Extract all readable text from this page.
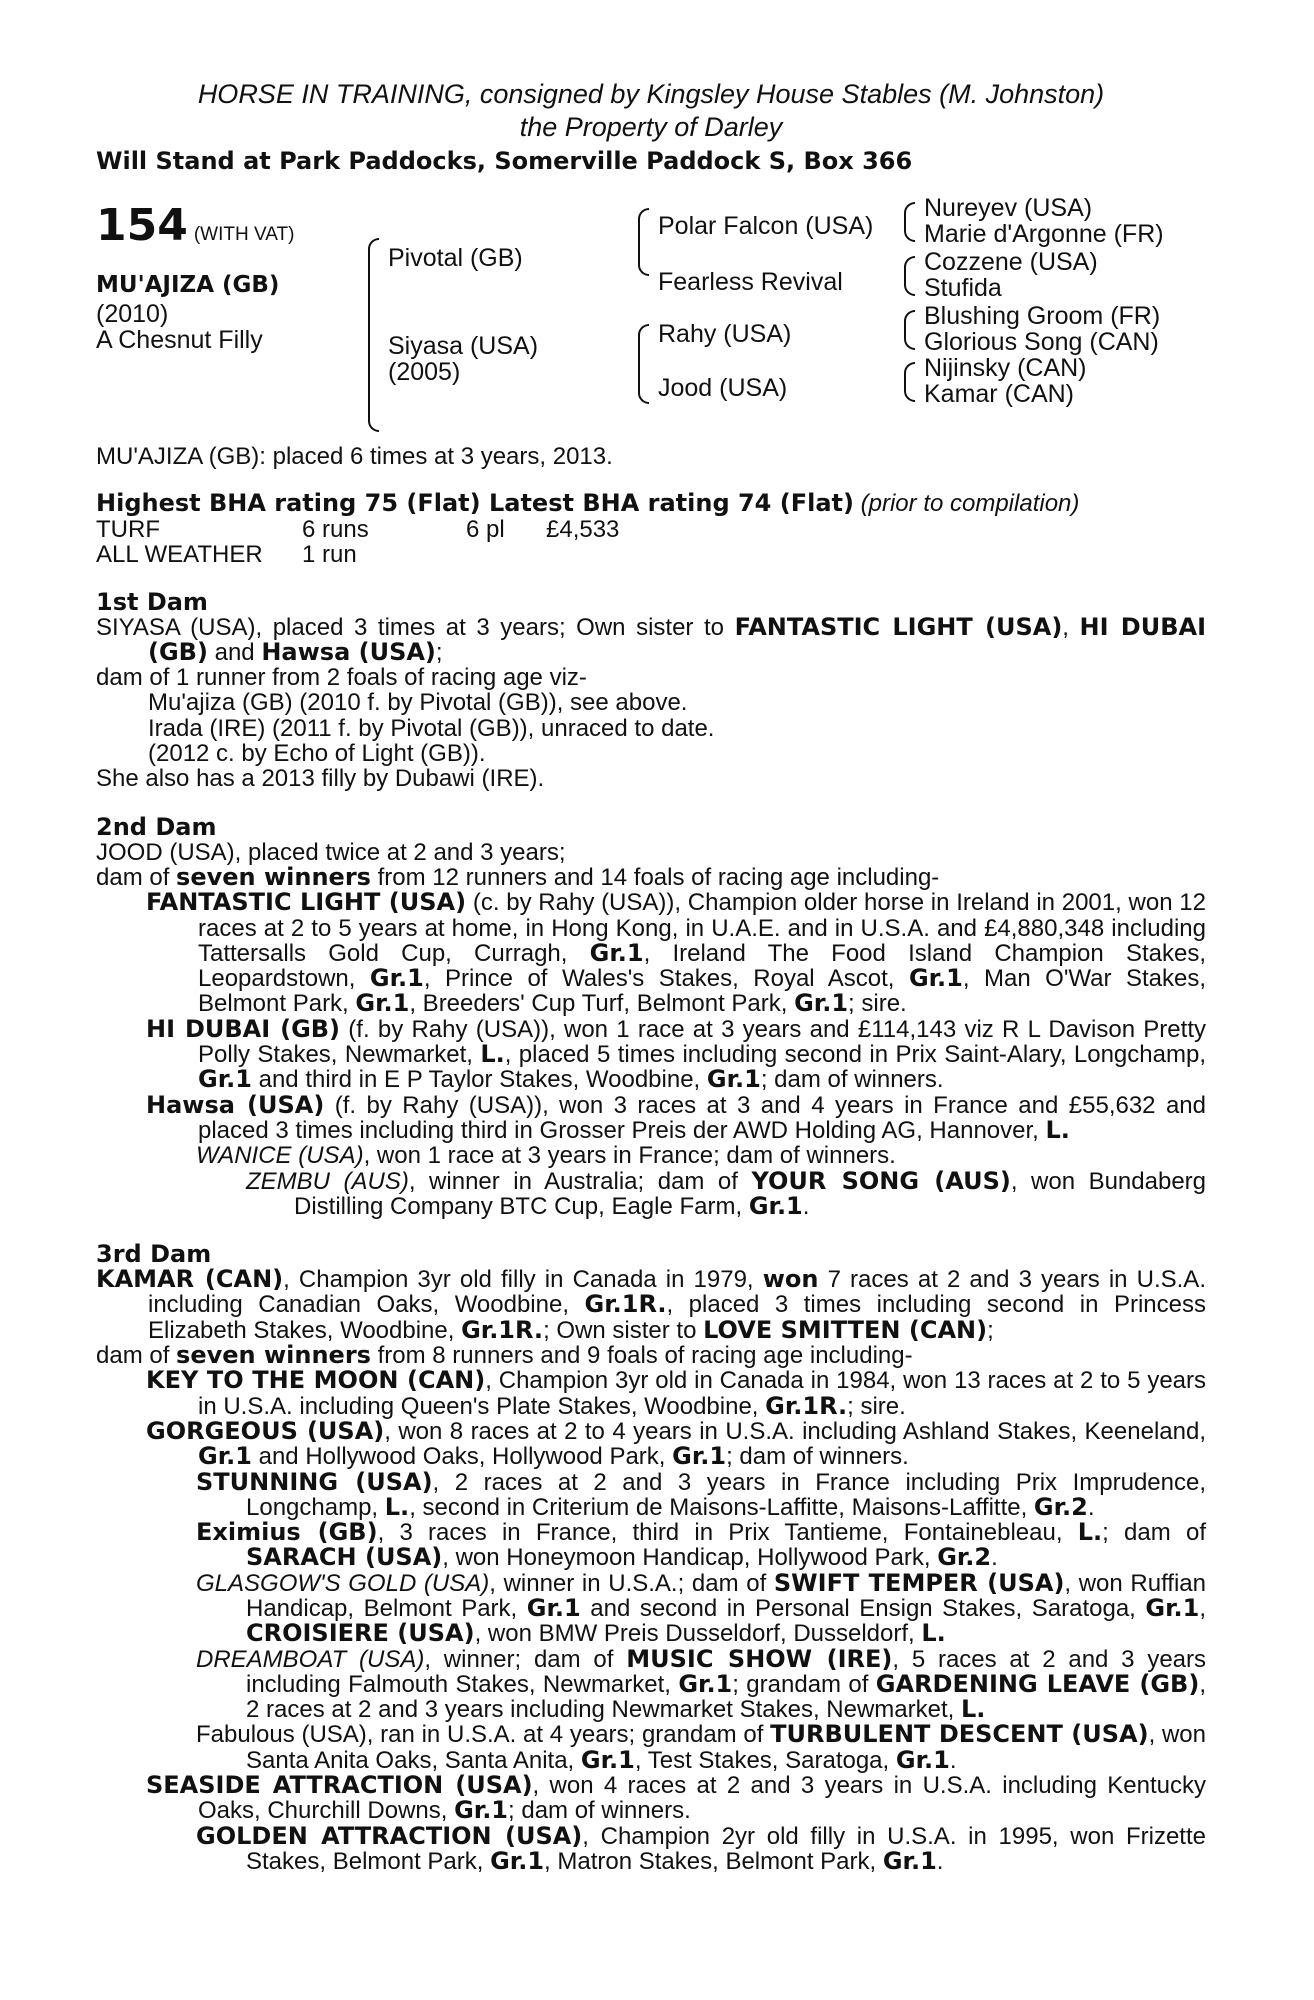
HORSE IN TRAINING, consigned by Kingsley House Stables (M. Johnston)
the Property of Darley
Will Stand at Park Paddocks, Somerville Paddock S, Box 366
154 (WITH VAT)
MU'AJIZA (GB)
(2010)
A Chesnut Filly
Pivotal (GB)
Siyasa (USA)
(2005)
Polar Falcon (USA)
Fearless Revival
Rahy (USA)
Jood (USA)
Nureyev (USA)
Marie d'Argonne (FR)
Cozzene (USA)
Stufida
Blushing Groom (FR)
Glorious Song (CAN)
Nijinsky (CAN)
Kamar (CAN)
MU'AJIZA (GB): placed 6 times at 3 years, 2013.
Highest BHA rating 75 (Flat) Latest BHA rating 74 (Flat) (prior to compilation)
TURF	6 runs	6 pl £4,533
ALL WEATHER 1 run
1st Dam
SIYASA (USA), placed 3 times at 3 years; Own sister to FANTASTIC LIGHT (USA), HI DUBAI (GB) and Hawsa (USA);
dam of 1 runner from 2 foals of racing age viz-
Mu'ajiza (GB) (2010 f. by Pivotal (GB)), see above.
Irada (IRE) (2011 f. by Pivotal (GB)), unraced to date.
(2012 c. by Echo of Light (GB)).
She also has a 2013 filly by Dubawi (IRE).
2nd Dam
JOOD (USA), placed twice at 2 and 3 years;
dam of seven winners from 12 runners and 14 foals of racing age including-
FANTASTIC LIGHT (USA) (c. by Rahy (USA)), Champion older horse in Ireland in 2001, won 12 races at 2 to 5 years at home, in Hong Kong, in U.A.E. and in U.S.A. and £4,880,348 including Tattersalls Gold Cup, Curragh, Gr.1, Ireland The Food Island Champion Stakes, Leopardstown, Gr.1, Prince of Wales's Stakes, Royal Ascot, Gr.1, Man O'War Stakes, Belmont Park, Gr.1, Breeders' Cup Turf, Belmont Park, Gr.1; sire.
HI DUBAI (GB) (f. by Rahy (USA)), won 1 race at 3 years and £114,143 viz R L Davison Pretty Polly Stakes, Newmarket, L., placed 5 times including second in Prix Saint-Alary, Longchamp, Gr.1 and third in E P Taylor Stakes, Woodbine, Gr.1; dam of winners.
Hawsa (USA) (f. by Rahy (USA)), won 3 races at 3 and 4 years in France and £55,632 and placed 3 times including third in Grosser Preis der AWD Holding AG, Hannover, L.
WANICE (USA), won 1 race at 3 years in France; dam of winners.
ZEMBU (AUS), winner in Australia; dam of YOUR SONG (AUS), won Bundaberg Distilling Company BTC Cup, Eagle Farm, Gr.1.
3rd Dam
KAMAR (CAN), Champion 3yr old filly in Canada in 1979, won 7 races at 2 and 3 years in U.S.A. including Canadian Oaks, Woodbine, Gr.1R., placed 3 times including second in Princess Elizabeth Stakes, Woodbine, Gr.1R.; Own sister to LOVE SMITTEN (CAN);
dam of seven winners from 8 runners and 9 foals of racing age including-
KEY TO THE MOON (CAN), Champion 3yr old in Canada in 1984, won 13 races at 2 to 5 years in U.S.A. including Queen's Plate Stakes, Woodbine, Gr.1R.; sire.
GORGEOUS (USA), won 8 races at 2 to 4 years in U.S.A. including Ashland Stakes, Keeneland, Gr.1 and Hollywood Oaks, Hollywood Park, Gr.1; dam of winners.
STUNNING (USA), 2 races at 2 and 3 years in France including Prix Imprudence, Longchamp, L., second in Criterium de Maisons-Laffitte, Maisons-Laffitte, Gr.2.
Eximius (GB), 3 races in France, third in Prix Tantieme, Fontainebleau, L.; dam of SARACH (USA), won Honeymoon Handicap, Hollywood Park, Gr.2.
GLASGOW'S GOLD (USA), winner in U.S.A.; dam of SWIFT TEMPER (USA), won Ruffian Handicap, Belmont Park, Gr.1 and second in Personal Ensign Stakes, Saratoga, Gr.1, CROISIERE (USA), won BMW Preis Dusseldorf, Dusseldorf, L.
DREAMBOAT (USA), winner; dam of MUSIC SHOW (IRE), 5 races at 2 and 3 years including Falmouth Stakes, Newmarket, Gr.1; grandam of GARDENING LEAVE (GB), 2 races at 2 and 3 years including Newmarket Stakes, Newmarket, L.
Fabulous (USA), ran in U.S.A. at 4 years; grandam of TURBULENT DESCENT (USA), won Santa Anita Oaks, Santa Anita, Gr.1, Test Stakes, Saratoga, Gr.1.
SEASIDE ATTRACTION (USA), won 4 races at 2 and 3 years in U.S.A. including Kentucky Oaks, Churchill Downs, Gr.1; dam of winners.
GOLDEN ATTRACTION (USA), Champion 2yr old filly in U.S.A. in 1995, won Frizette Stakes, Belmont Park, Gr.1, Matron Stakes, Belmont Park, Gr.1.
